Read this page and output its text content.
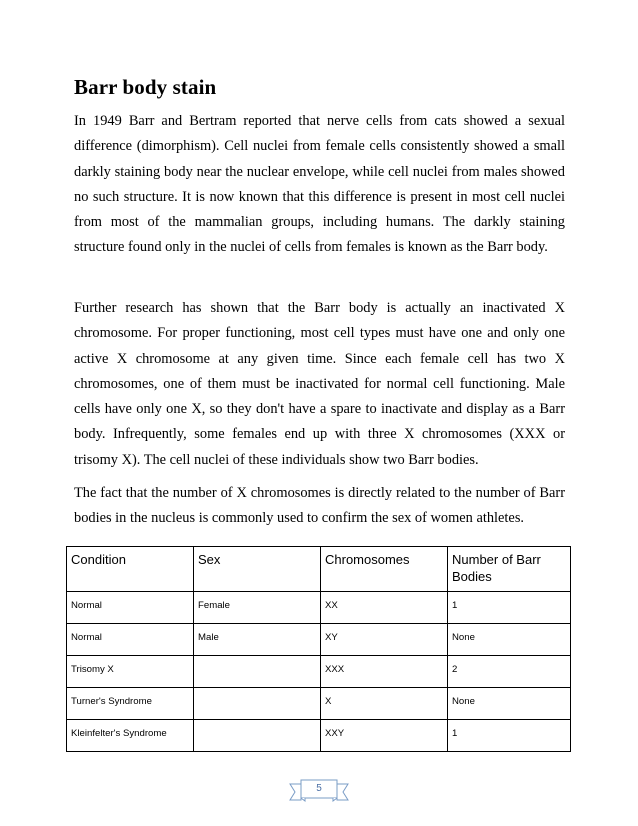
Barr body stain

In 1949 Barr and Bertram reported that nerve cells from cats showed a sexual difference (dimorphism). Cell nuclei from female cells consistently showed a small darkly staining body near the nuclear envelope, while cell nuclei from males showed no such structure. It is now known that this difference is present in most cell nuclei from most of the mammalian groups, including humans. The darkly staining structure found only in the nuclei of cells from females is known as the Barr body.

Further research has shown that the Barr body is actually an inactivated X chromosome. For proper functioning, most cell types must have one and only one active X chromosome at any given time. Since each female cell has two X chromosomes, one of them must be inactivated for normal cell functioning. Male cells have only one X, so they don't have a spare to inactivate and display as a Barr body. Infrequently, some females end up with three X chromosomes (XXX or trisomy X). The cell nuclei of these individuals show two Barr bodies.

The fact that the number of X chromosomes is directly related to the number of Barr bodies in the nucleus is commonly used to confirm the sex of women athletes.

Condition	Sex	Chromosomes	Number of Barr Bodies
Normal	Female	XX	1
Normal	Male	XY	None
Trisomy X		XXX	2
Turner's Syndrome		X	None
Kleinfelter's Syndrome		XXY	1
5
